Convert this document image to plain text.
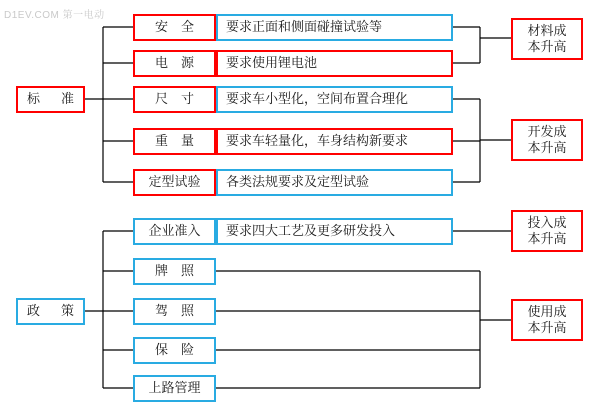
D1EV.COM 第一电动
标　准
政　策
安　全
电　源
尺　寸
重　量
定型试验
企业准入
牌　照
驾　照
保　险
上路管理
要求正面和侧面碰撞试验等
要求使用锂电池
要求车小型化，空间布置合理化
要求车轻量化，车身结构新要求
各类法规要求及定型试验
要求四大工艺及更多研发投入
材料成
本升高
开发成
本升高
投入成
本升高
使用成
本升高
